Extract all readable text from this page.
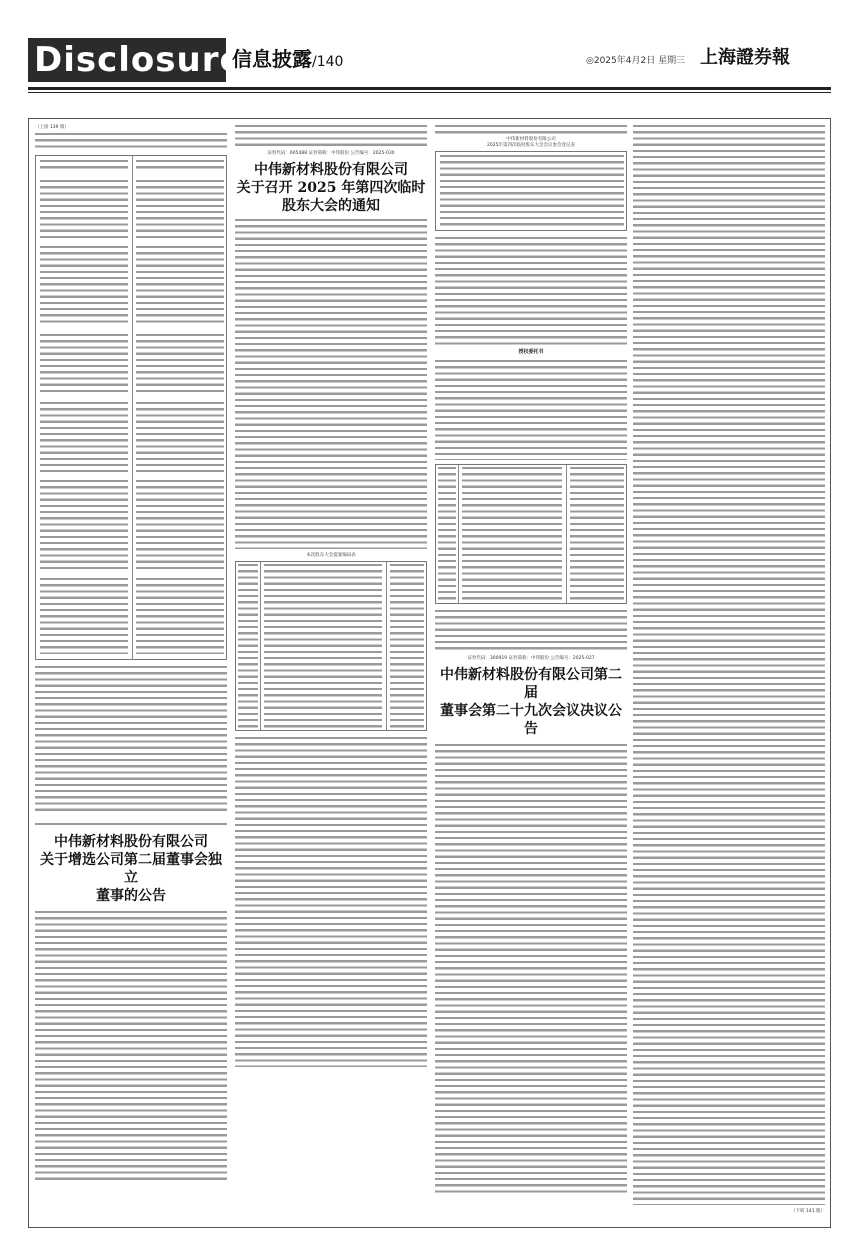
Disclosure
信息披露/140	◎2025年4月2日 星期三 上海證券報
（上接 139 版）

中伟新材料股份有限公司

关于增选公司第二届董事会独立

董事的公告

证券代码：605488 证券简称：中伟股份 公告编号：2025-030

中伟新材料股份有限公司

关于召开 2025 年第四次临时

股东大会的通知

本次股东大会提案编码表
中伟新材料股份有限公司
2025年第四次临时股东大会会议参会登记表
授权委托书
证券代码：300919 证券简称：中伟股份 公告编号：2025-027

中伟新材料股份有限公司第二届

董事会第二十九次会议决议公告

（下转 141 版）
